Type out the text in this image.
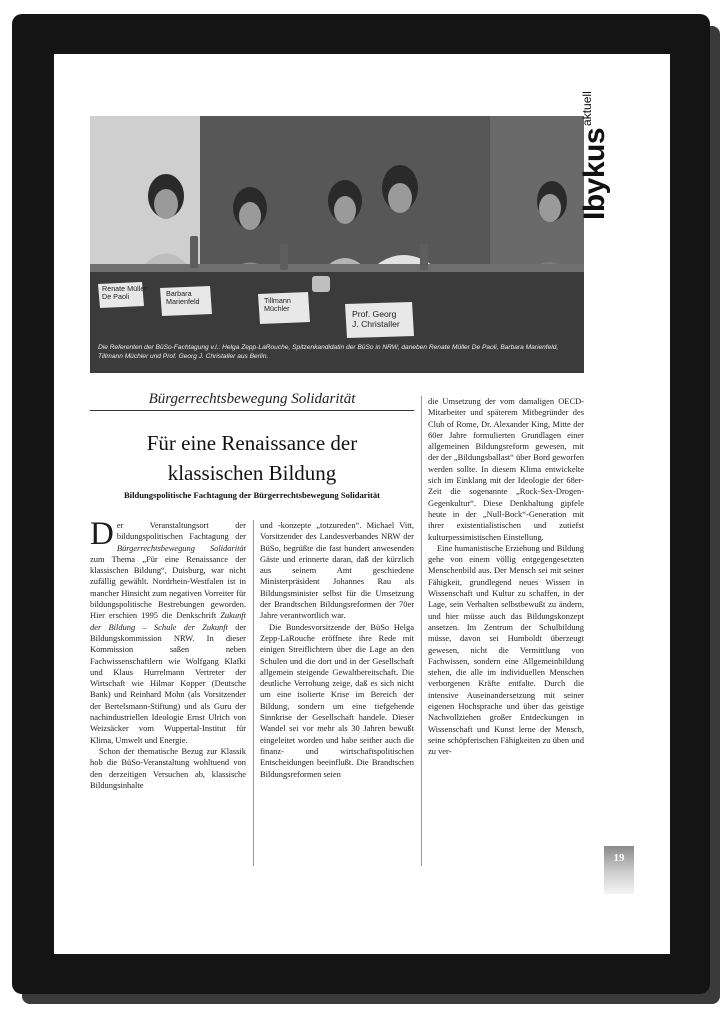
Renate Müller
De Paoli	Barbara
Marienfeld	Tillmann
Müchler
Prof. Georg
J. Christaller
Die Referenten der BüSo-Fachtagung v.l.: Helga Zepp-LaRouche, Spitzenkandidatin der BüSo in NRW, daneben Renate Müller De Paoli, Barbara Marienfeld, Tillmann Müchler und Prof. Georg J. Christaller aus Berlin.
Ibykusaktuell
Bürgerrechtsbewegung Solidarität
Für eine Renaissance der
klassischen Bildung
Bildungspolitische Fachtagung der Bürgerrechtsbewegung Solidarität

Der Veranstaltungsort der bildungspolitischen Fachtagung der Bürgerrechtsbewegung Solidarität zum Thema „Für eine Renaissance der klassischen Bildung“, Duisburg, war nicht zufällig gewählt. Nordrhein-Westfalen ist in mancher Hinsicht zum negativen Vorreiter für bildungspolitische Bestrebungen geworden. Hier erschien 1995 die Denkschrift Zukunft der Bildung – Schule der Zukunft der Bildungskommission NRW. In dieser Kommission saßen neben Fachwissenschaftlern wie Wolfgang Klafki und Klaus Hurrelmann Vertreter der Wirtschaft wie Hilmar Kopper (Deutsche Bank) und Reinhard Mohn (als Vorsitzender der Bertelsmann-Stiftung) und als Guru der nachindustriellen Ideologie Ernst Ulrich von Weizsäcker vom Wuppertal-Institut für Klima, Umwelt und Energie.

Schon der thematische Bezug zur Klassik hob die BüSo-Veranstaltung wohltuend von den derzeitigen Versuchen ab, klassische Bildungsinhalte

und -konzepte „totzureden“. Michael Vitt, Vorsitzender des Landesverbandes NRW der BüSo, begrüßte die fast hundert anwesenden Gäste und erinnerte daran, daß der kürzlich aus seinem Amt geschiedene Ministerpräsident Johannes Rau als Bildungsminister selbst für die Umsetzung der Brandtschen Bildungsreformen der 70er Jahre verantwortlich war.

Die Bundesvorsitzende der BüSo Helga Zepp-LaRouche eröffnete ihre Rede mit einigen Streiflichtern über die Lage an den Schulen und die dort und in der Gesellschaft allgemein steigende Gewaltbereitschaft. Die deutliche Verrohung zeige, daß es sich nicht um eine isolierte Krise im Bereich der Bildung, sondern um eine tiefgehende Sinnkrise der Gesellschaft handele. Dieser Wandel sei vor mehr als 30 Jahren bewußt eingeleitet worden und habe seither auch die finanz- und wirtschaftspolitischen Entscheidungen beeinflußt. Die Brandtschen Bildungsreformen seien

die Umsetzung der vom damaligen OECD-Mitarbeiter und späterem Mitbegründer des Club of Rome, Dr. Alexander King, Mitte der 60er Jahre formulierten Grundlagen einer allgemeinen Bildungsreform gewesen, mit der der „Bildungsballast“ über Bord geworfen werden sollte. In diesem Klima entwickelte sich im Einklang mit der Ideologie der 68er-Zeit die sogenannte „Rock-Sex-Drogen-Gegenkultur“. Diese Denkhaltung gipfele heute in der „Null-Bock“-Generation mit ihrer existentialistischen und zutiefst kulturpessimistischen Einstellung.

Eine humanistische Erziehung und Bildung gehe von einem völlig entgegengesetzten Menschenbild aus. Der Mensch sei mit seiner Fähigkeit, grundlegend neues Wissen in Wissenschaft und Kultur zu schaffen, in der Lage, sein Verhalten selbstbewußt zu ändern, und hier müsse auch das Bildungskonzept ansetzen. Im Zentrum der Schulbildung müsse, davon sei Humboldt überzeugt gewesen, nicht die Vermittlung von Fachwissen, sondern eine Allgemeinbildung stehen, die alle im individuellen Menschen verborgenen Kräfte entfalte. Durch die intensive Auseinandersetzung mit seiner eigenen Hochsprache und über das geistige Nachvollziehen großer Entdeckungen in Wissenschaft und Kunst lerne der Mensch, seine schöpferischen Fähigkeiten zu üben und zu ver-

19
